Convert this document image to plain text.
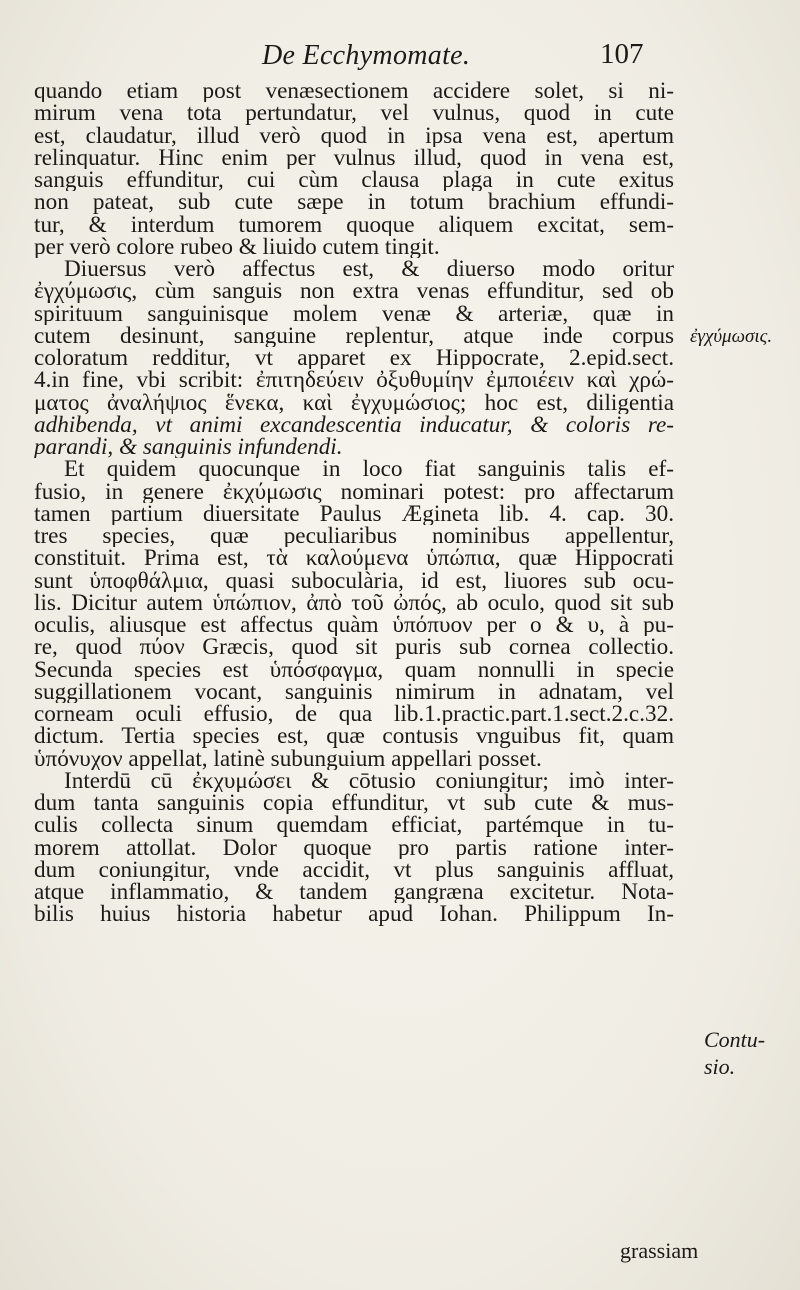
De Ecchymomate.	107
quando etiam post venæsectionem accidere solet, si ni-
mirum vena tota pertundatur, vel vulnus, quod in cute
est, claudatur, illud verò quod in ipsa vena est, apertum
relinquatur. Hinc enim per vulnus illud, quod in vena est,
sanguis effunditur, cui cùm clausa plaga in cute exitus
non pateat, sub cute sæpe in totum brachium effundi-
tur, & interdum tumorem quoque aliquem excitat, sem-
per verò colore rubeo & liuido cutem tingit.
Diuersus verò affectus est, & diuerso modo oritur
ἐγχύμωσις, cùm sanguis non extra venas effunditur, sed ob
spirituum sanguinisque molem venæ & arteriæ, quæ in
cutem desinunt, sanguine replentur, atque inde corpus
coloratum redditur, vt apparet ex Hippocrate, 2.epid.sect.
4.in fine, vbi scribit: ἐπιτηδεύειν ὀξυθυμίην ἐμποιέειν καὶ χρώ-
ματος ἀναλήψιος ἕνεκα, καὶ ἐγχυμώσιος; hoc est, diligentia
adhibenda, vt animi excandescentia inducatur, & coloris re-
parandi, & sanguinis infundendi.
Et quidem quocunque in loco fiat sanguinis talis ef-
fusio, in genere ἐκχύμωσις nominari potest: pro affectarum
tamen partium diuersitate Paulus Ægineta lib. 4. cap. 30.
tres species, quæ peculiaribus nominibus appellentur,
constituit. Prima est, τὰ καλούμενα ὑπώπια, quæ Hippocrati
sunt ὑποφθάλμια, quasi suboculària, id est, liuores sub ocu-
lis. Dicitur autem ὑπώπιον, ἀπὸ τοῦ ὠπός, ab oculo, quod sit sub
oculis, aliusque est affectus quàm ὑπόπυον per ο & υ, à pu-
re, quod πύον Græcis, quod sit puris sub cornea collectio.
Secunda species est ὑπόσφαγμα, quam nonnulli in specie
suggillationem vocant, sanguinis nimirum in adnatam, vel
corneam oculi effusio, de qua lib.1.practic.part.1.sect.2.c.32.
dictum. Tertia species est, quæ contusis vnguibus fit, quam
ὑπόνυχον appellat, latinè subunguium appellari posset.
Interdū cū ἐκχυμώσει & cōtusio coniungitur; imò inter-
dum tanta sanguinis copia effunditur, vt sub cute & mus-
culis collecta sinum quemdam efficiat, partémque in tu-
morem attollat. Dolor quoque pro partis ratione inter-
dum coniungitur, vnde accidit, vt plus sanguinis affluat,
atque inflammatio, & tandem gangræna excitetur. Nota-
bilis huius historia habetur apud Iohan. Philippum In-
ἐγχύμωσις.
Contu-
sio.
grassiam
